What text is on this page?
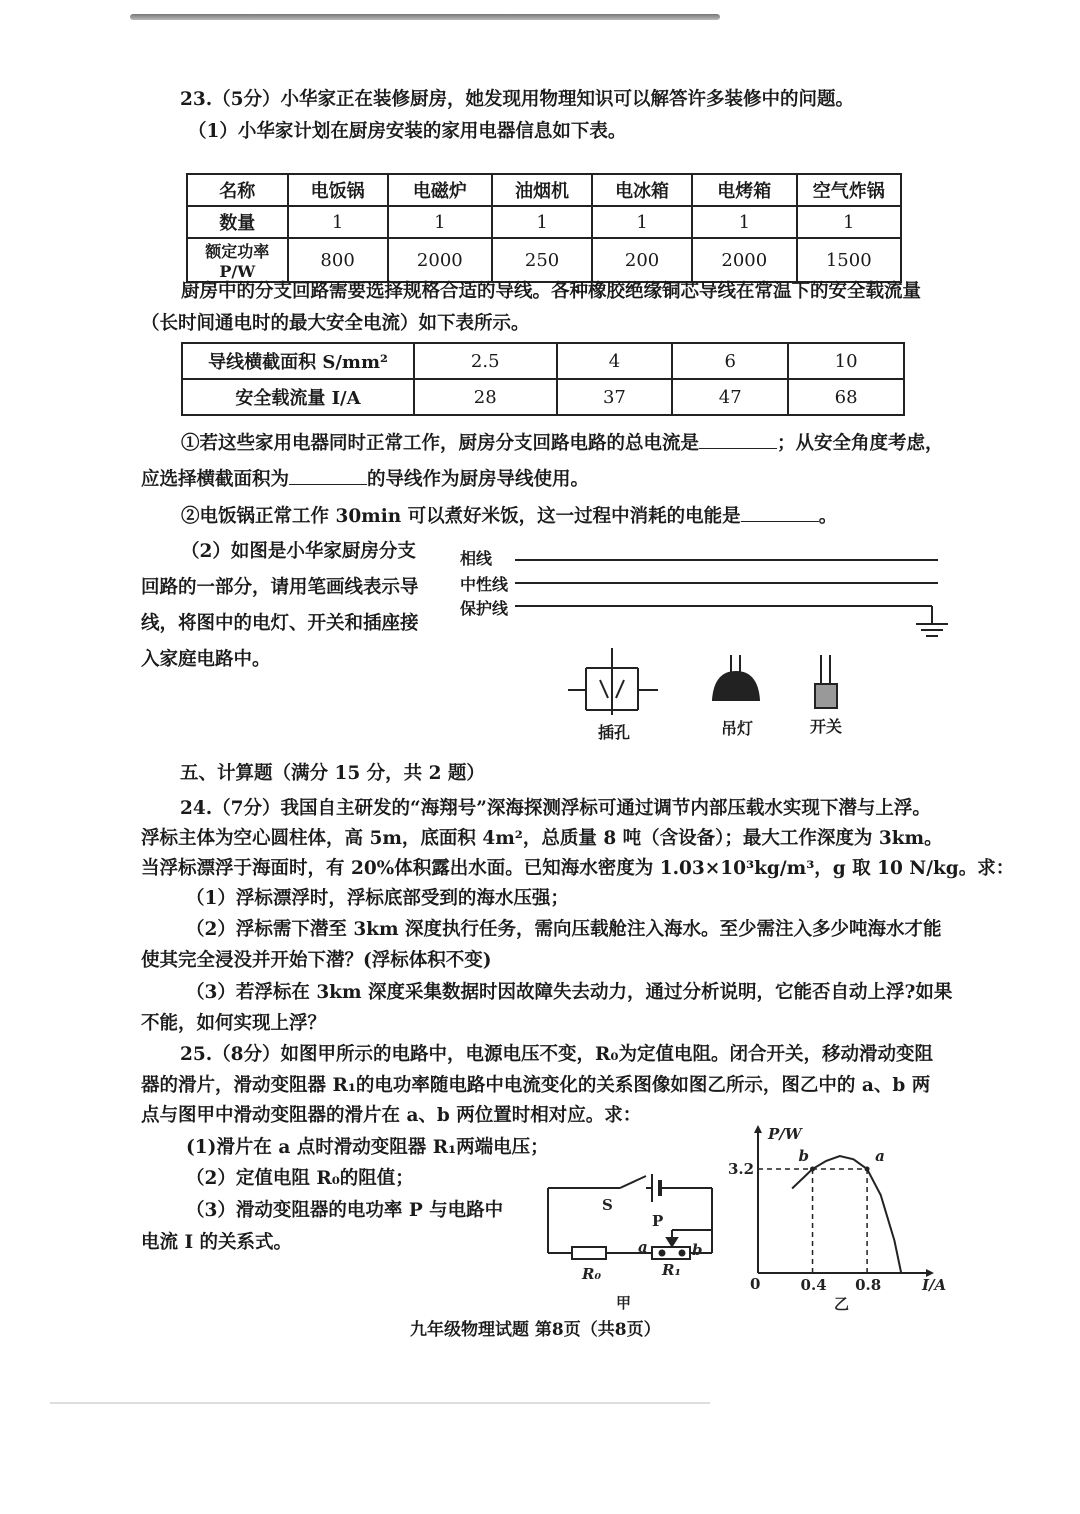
23.（5分）小华家正在装修厨房，她发现用物理知识可以解答许多装修中的问题。
（1）小华家计划在厨房安装的家用电器信息如下表。
名称	电饭锅	电磁炉	油烟机	电冰箱	电烤箱	空气炸锅
数量	1	1	1	1	1	1
额定功率 P/W	800	2000	250	200	2000	1500
厨房中的分支回路需要选择规格合适的导线。各种橡胶绝缘铜芯导线在常温下的安全载流量
（长时间通电时的最大安全电流）如下表所示。
导线横截面积 S/mm²	2.5	4	6	10
安全载流量 I/A	28	37	47	68
①若这些家用电器同时正常工作，厨房分支回路电路的总电流是	；从安全角度考虑，
应选择横截面积为	的导线作为厨房导线使用。
②电饭锅正常工作 30min 可以煮好米饭，这一过程中消耗的电能是	。
（2）如图是小华家厨房分支
回路的一部分，请用笔画线表示导
线，将图中的电灯、开关和插座接
入家庭电路中。
相线
中性线
保护线
插孔	吊灯	开关
五、计算题（满分 15 分，共 2 题）
24.（7分）我国自主研发的“海翔号”深海探测浮标可通过调节内部压载水实现下潜与上浮。
浮标主体为空心圆柱体，高 5m，底面积 4m²，总质量 8 吨（含设备）；最大工作深度为 3km。
当浮标漂浮于海面时，有 20%体积露出水面。已知海水密度为 1.03×10³kg/m³，g 取 10 N/kg。求：
（1）浮标漂浮时，浮标底部受到的海水压强；
（2）浮标需下潜至 3km 深度执行任务，需向压载舱注入海水。至少需注入多少吨海水才能
使其完全浸没并开始下潜？(浮标体积不变)
（3）若浮标在 3km 深度采集数据时因故障失去动力，通过分析说明，它能否自动上浮?如果
不能，如何实现上浮？
25.（8分）如图甲所示的电路中，电源电压不变，R₀为定值电阻。闭合开关，移动滑动变阻
器的滑片，滑动变阻器 R₁的电功率随电路中电流变化的关系图像如图乙所示，图乙中的 a、b 两
点与图甲中滑动变阻器的滑片在 a、b 两位置时相对应。求：
(1)滑片在 a 点时滑动变阻器 R₁两端电压；
（2）定值电阻 R₀的阻值；
（3）滑动变阻器的电功率 P 与电路中
电流 I 的关系式。
S
P
a	b
R₀	R₁
甲
P/W
I/A
0
b
0.4
a
0.8
3.2
乙
九年级物理试题 第8页（共8页）
